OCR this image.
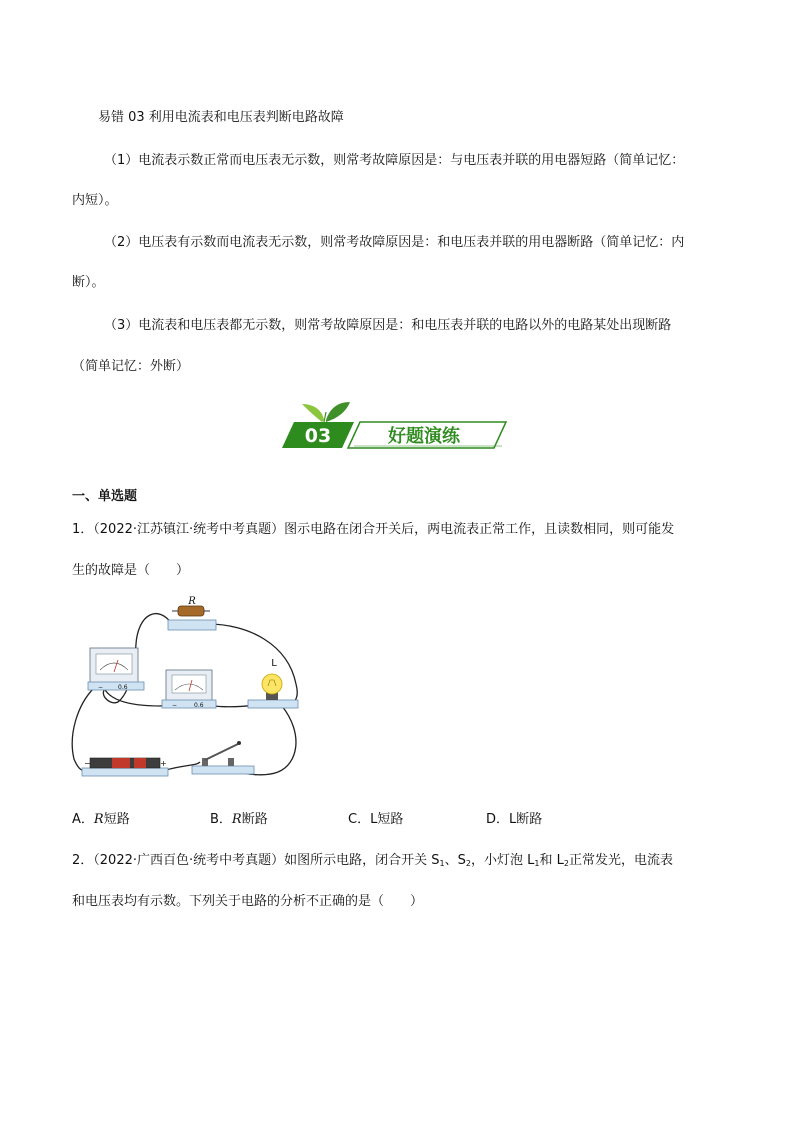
易错 03 利用电流表和电压表判断电路故障
（1）电流表示数正常而电压表无示数，则常考故障原因是：与电压表并联的用电器短路（简单记忆：
内短）。
（2）电压表有示数而电流表无示数，则常考故障原因是：和电压表并联的用电器断路（简单记忆：内
断）。
（3）电流表和电压表都无示数，则常考故障原因是：和电压表并联的电路以外的电路某处出现断路
（简单记忆：外断）
03	好题演练
一、单选题
1．（2022·江苏镇江·统考中考真题）图示电路在闭合开关后，两电流表正常工作，且读数相同，则可能发
生的故障是（　　）
R
− 0.6
−	0.6
L
−	+
A．R短路	B．R断路	C．L短路	D．L断路
2．（2022·广西百色·统考中考真题）如图所示电路，闭合开关 $S_1$、$S_2$，小灯泡 $L_1$和 $L_2$正常发光，电流表
和电压表均有示数。下列关于电路的分析不正确的是（　　）
